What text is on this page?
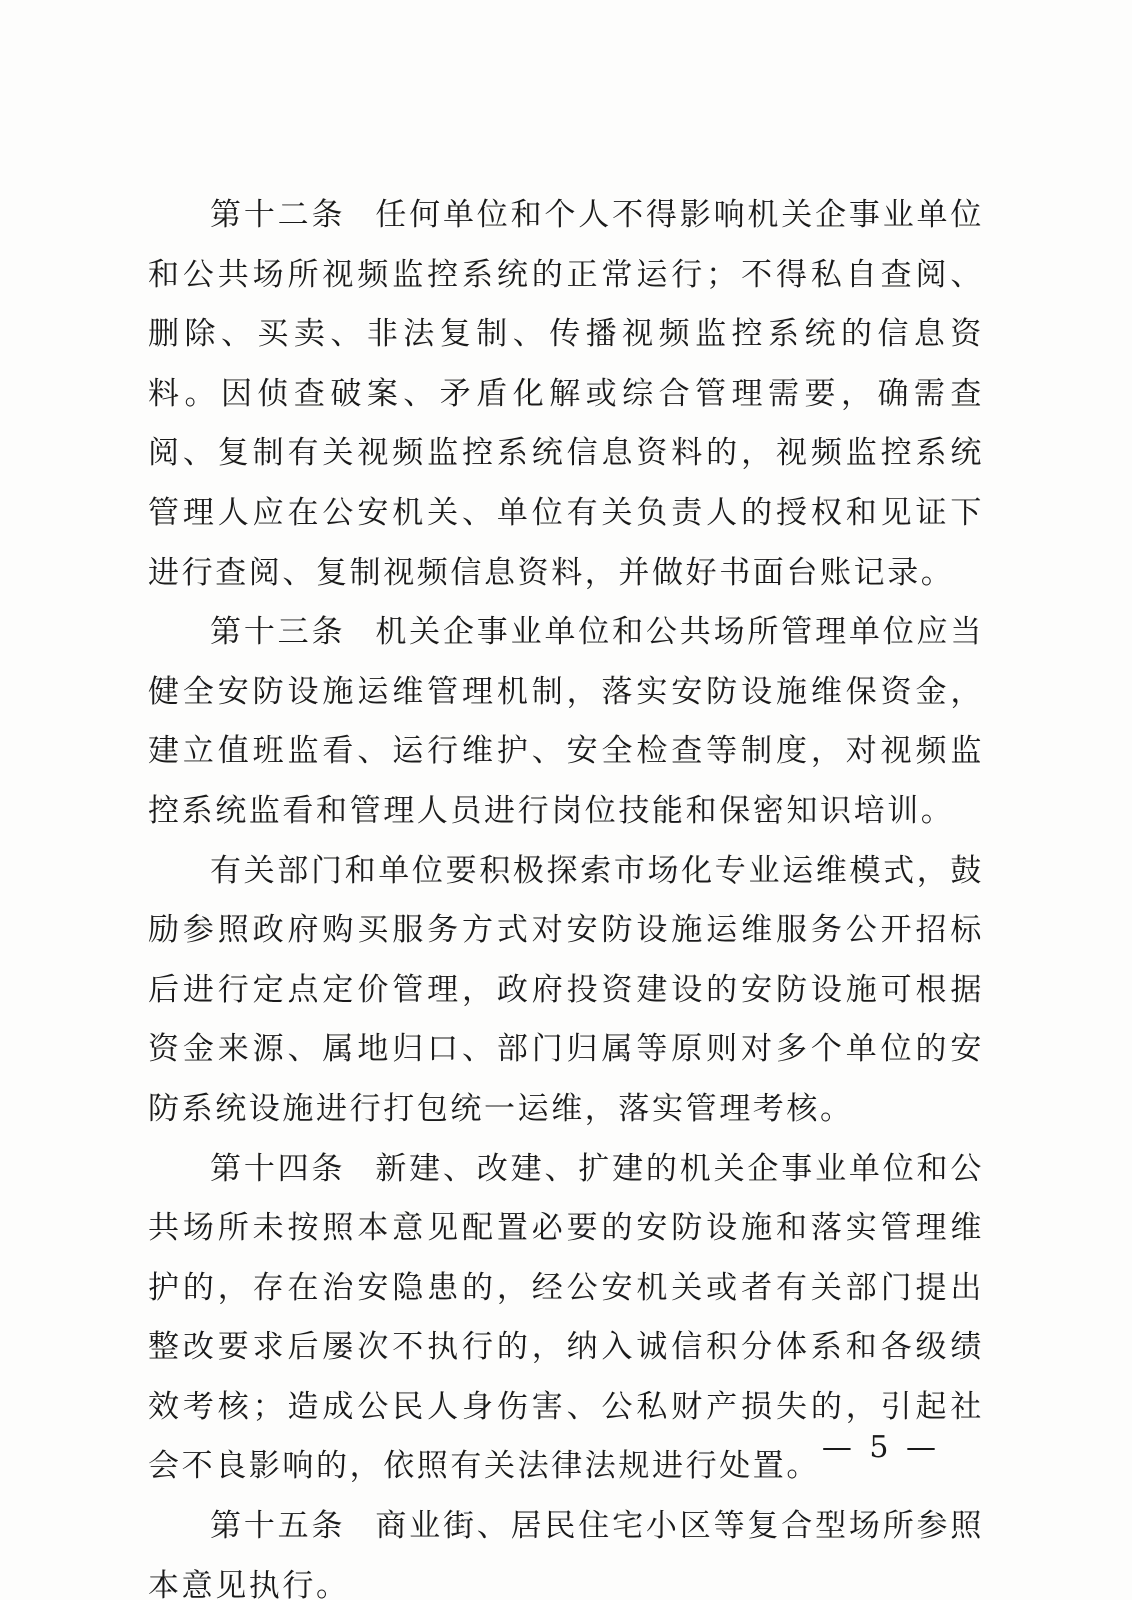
第十二条 任何单位和个人不得影响机关企事业单位和公共场所视频监控系统的正常运行；不得私自查阅、删除、买卖、非法复制、传播视频监控系统的信息资料。因侦查破案、矛盾化解或综合管理需要，确需查阅、复制有关视频监控系统信息资料的，视频监控系统管理人应在公安机关、单位有关负责人的授权和见证下进行查阅、复制视频信息资料，并做好书面台账记录。

第十三条 机关企事业单位和公共场所管理单位应当健全安防设施运维管理机制，落实安防设施维保资金，建立值班监看、运行维护、安全检查等制度，对视频监控系统监看和管理人员进行岗位技能和保密知识培训。

有关部门和单位要积极探索市场化专业运维模式，鼓励参照政府购买服务方式对安防设施运维服务公开招标后进行定点定价管理，政府投资建设的安防设施可根据资金来源、属地归口、部门归属等原则对多个单位的安防系统设施进行打包统一运维，落实管理考核。

第十四条 新建、改建、扩建的机关企事业单位和公共场所未按照本意见配置必要的安防设施和落实管理维护的，存在治安隐患的，经公安机关或者有关部门提出整改要求后屡次不执行的，纳入诚信积分体系和各级绩效考核；造成公民人身伤害、公私财产损失的，引起社会不良影响的，依照有关法律法规进行处置。

第十五条 商业街、居民住宅小区等复合型场所参照本意见执行。

— 5 —
